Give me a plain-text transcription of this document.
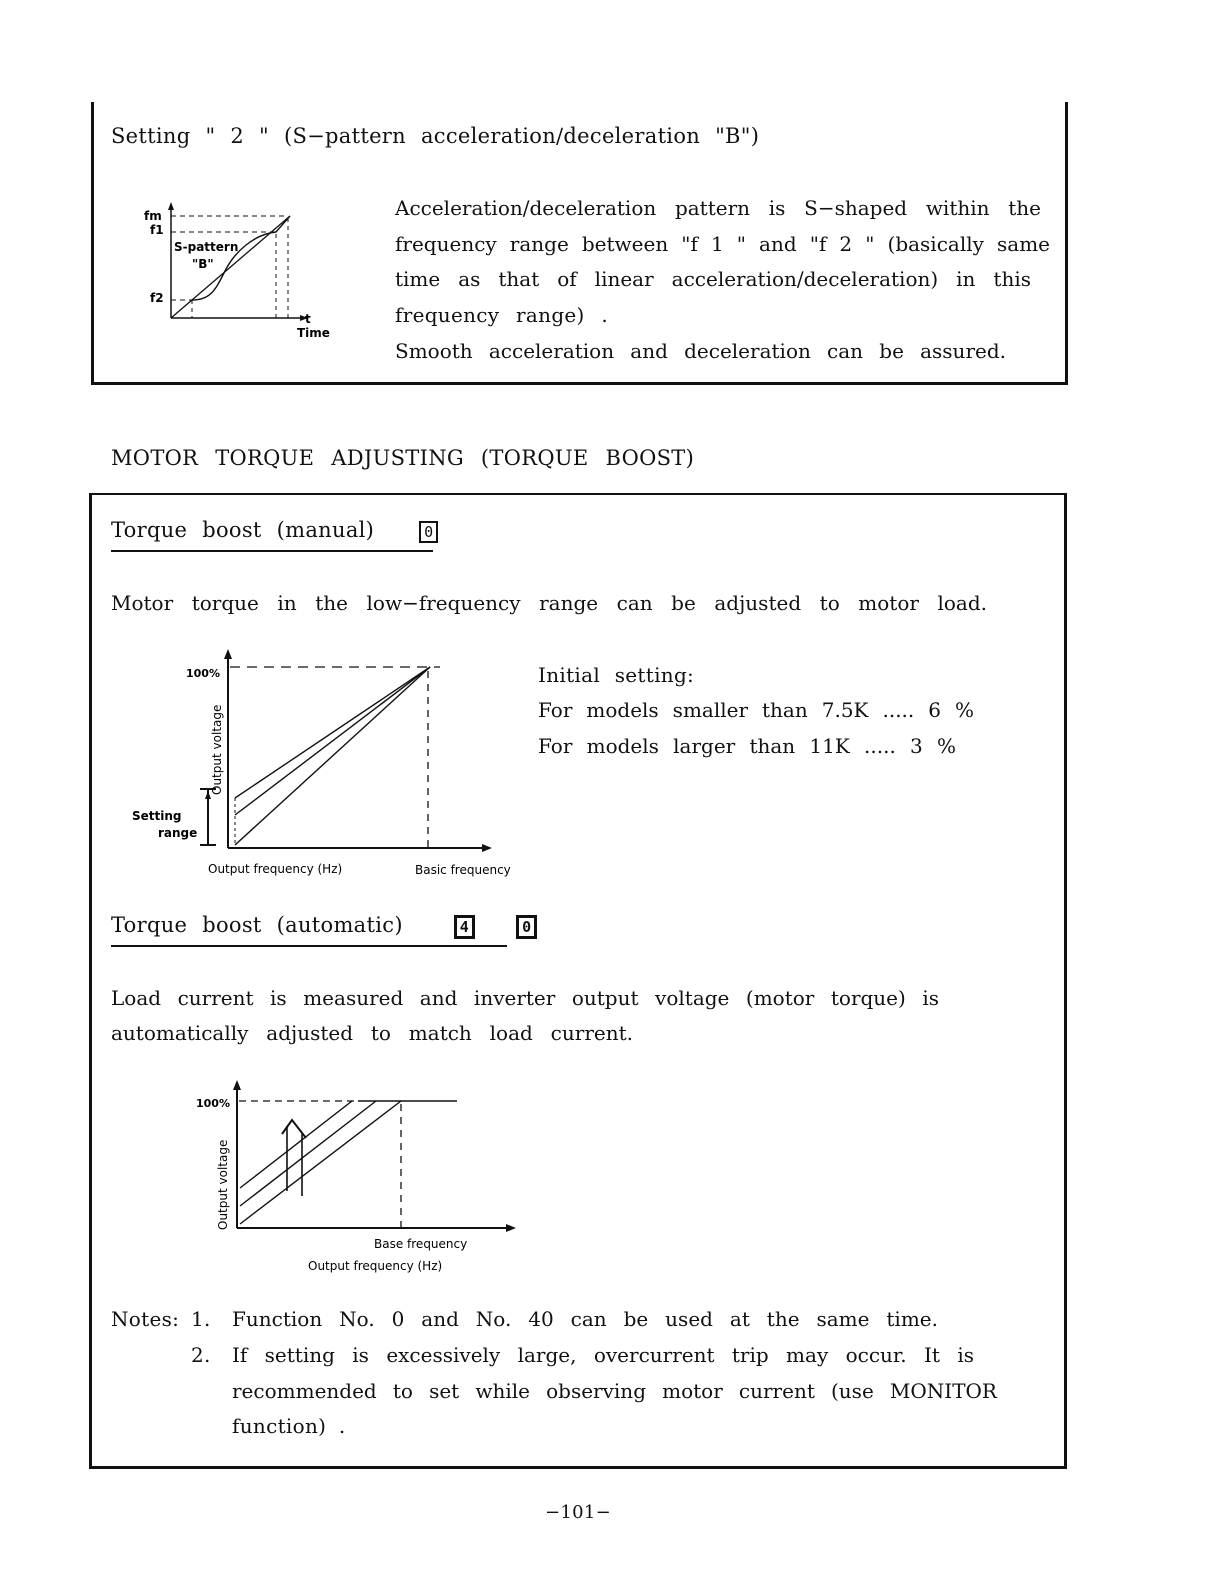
Setting " 2 " (S−pattern acceleration∕deceleration "B")
fm
f1
f2
S-pattern
"B"
t
Time
Acceleration∕deceleration pattern is S−shaped within the
frequency range between "f 1 " and "f 2 " (basically same
time as that of linear acceleration∕deceleration) in this
frequency range) .
Smooth acceleration and deceleration can be assured.
MOTOR TORQUE ADJUSTING (TORQUE BOOST)
Torque boost (manual)	0
Motor torque in the low−frequency range can be adjusted to motor load.
100%
Output voltage
Setting
range
Output frequency (Hz)	Basic frequency
Initial setting:
For models smaller than 7.5K ..... 6 %
For models larger than 11K ..... 3 %
Torque boost (automatic)	4	0
Load current is measured and inverter output voltage (motor torque) is
automatically adjusted to match load current.
100%
Output voltage
Base frequency
Output frequency (Hz)
Notes: 1. Function No. 0 and No. 40 can be used at the same time.
2. If setting is excessively large, overcurrent trip may occur. It is
recommended to set while observing motor current (use MONITOR
function) .
−101−
